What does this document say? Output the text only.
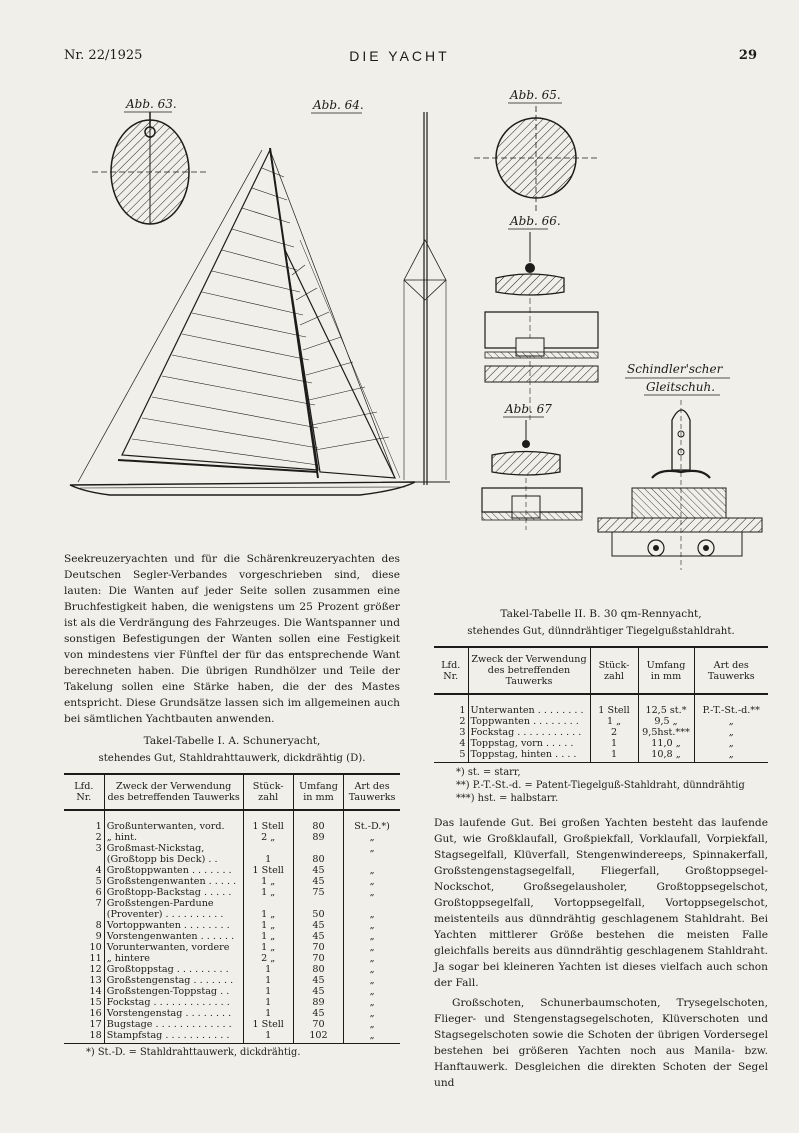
Nr. 22/1925	DIE YACHT	29
Abb. 63.	Abb. 64.
Abb. 65.
Abb. 66.
Abb. 67
Schindler'scher
Gleitschuh.

Seekreuzeryachten und für die Schärenkreuzeryachten des Deutschen Segler-Verbandes vorgeschrieben sind, diese lauten: Die Wanten auf jeder Seite sollen zusammen eine Bruchfestigkeit haben, die wenigstens um 25 Prozent größer ist als die Verdrängung des Fahrzeuges. Die Wantspanner und sonstigen Befestigungen der Wanten sollen eine Festigkeit von mindestens vier Fünftel der für das entsprechende Want berechneten haben. Die übrigen Rundhölzer und Teile der Takelung sollen eine Stärke haben, die der des Mastes entspricht. Diese Grundsätze lassen sich im allgemeinen auch bei sämtlichen Yachtbauten anwenden.

Takel-Tabelle I. A. Schuneryacht,

stehendes Gut, Stahldrahttauwerk, dickdrähtig (D).

Lfd. Nr.	Zweck der Verwendung des betreffenden Tauwerks	Stück-zahl	Umfang in mm	Art des Tauwerks

1	Großunterwanten, vord.	1 Stell	80	St.-D.*)
2	„ hint.	2 „	89	„
3	Großmast-Nickstag,			„
	(Großtopp bis Deck) . .	1	80	
4	Großtoppwanten . . . . . . .	1 Stell	45	„
5	Großstengenwanten . . . . .	1 „	45	„
6	Großtopp-Backstag . . . . .	1 „	75	„
7	Großstengen-Pardune			
	(Proventer) . . . . . . . . . .	1 „	50	„
8	Vortoppwanten . . . . . . . .	1 „	45	„
9	Vorstengenwanten . . . . . .	1 „	45	„
10	Vorunterwanten, vordere	1 „	70	„
11	„ hintere	2 „	70	„
12	Großtoppstag . . . . . . . . .	1	80	„
13	Großstengenstag . . . . . . .	1	45	„
14	Großstengen-Toppstag . .	1	45	„
15	Fockstag . . . . . . . . . . . . .	1	89	„
16	Vorstengenstag . . . . . . . .	1	45	„
17	Bugstage . . . . . . . . . . . . .	1 Stell	70	„
18	Stampfstag . . . . . . . . . . .	1	102	„
*) St.-D. = Stahldrahttauwerk, dickdrähtig.

Takel-Tabelle II. B. 30 qm-Rennyacht,

stehendes Gut, dünndrähtiger Tiegelgußstahldraht.

Lfd. Nr.	Zweck der Verwendung des betreffenden Tauwerks	Stück-zahl	Umfang in mm	Art des Tauwerks

1	Unterwanten . . . . . . . .	1 Stell	12,5 st.*	P.-T.-St.-d.**
2	Toppwanten . . . . . . . .	1 „	9,5 „	„
3	Fockstag . . . . . . . . . . .	2	9,5hst.***	„
4	Toppstag, vorn . . . . .	1	11,0 „	„
5	Toppstag, hinten . . . .	1	10,8 „	„
*) st. = starr,
**) P.-T.-St.-d. = Patent-Tiegelguß-Stahldraht, dünndrähtig
***) hst. = halbstarr.

Das laufende Gut. Bei großen Yachten besteht das laufende Gut, wie Großklaufall, Großpiekfall, Vorklaufall, Vorpiekfall, Stagsegelfall, Klüverfall, Stengenwindereeps, Spinnakerfall, Großstengenstagsegelfall, Fliegerfall, Großtoppsegel-Nockschot, Großsegelausholer, Großtoppsegelschot, Großtoppsegelfall, Vortoppsegelfall, Vortoppsegelschot, meistenteils aus dünndrähtig geschlagenem Stahldraht. Bei Yachten mittlerer Größe bestehen die meisten Falle gleichfalls bereits aus dünndrähtig geschlagenem Stahldraht. Ja sogar bei kleineren Yachten ist dieses vielfach auch schon der Fall.

Großschoten, Schunerbaumschoten, Trysegelschoten, Flieger- und Stengenstagsegelschoten, Klüverschoten und Stagsegelschoten sowie die Schoten der übrigen Vordersegel bestehen bei größeren Yachten noch aus Manila- bzw. Hanftauwerk. Desgleichen die direkten Schoten der Segel und
